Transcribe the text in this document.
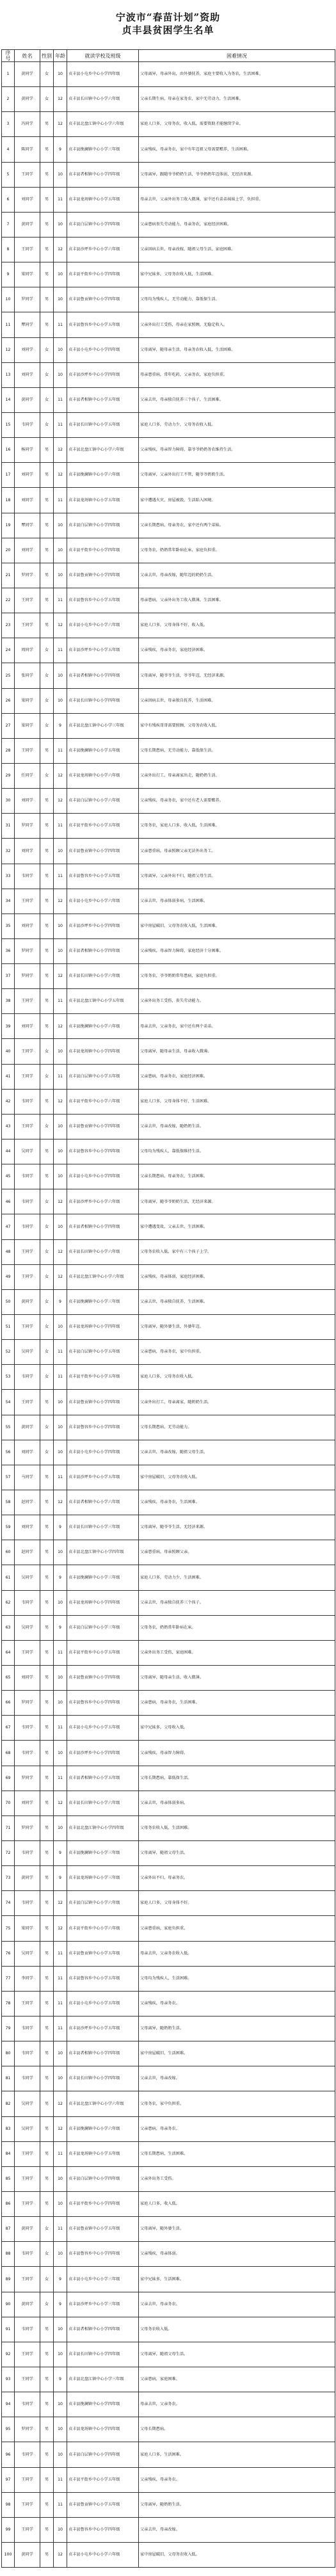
宁波市“春苗计划”资助
贞丰县贫困学生名单
序号	姓名	性别	年龄	就读学校及班级	困难情况
1	黄同学	女	10	贞丰县小屯乡中心小学四年级	父母离异，母亲外出，由外婆抚养，家庭主要收入为务农，生活困难。
2	黄同学	女	12	贞丰县长田镇中心小学六年级	父亲长期生病，母亲在家务农，家中无劳动力，生活困难。
3	冯同学	男	12	贞丰县北盘江镇中心小学六年级	家庭人口多，父母务农，收入低，需要资助才能继续学业。
4	陈同学	男	9	贞丰县挽澜镇中心小学三年级	父亲残疾，母亲务农，家中有年迈祖父母需要赡养，生活困难。
5	王同学	男	10	贞丰县者相镇中心小学四年级	父母离异，跟随爷爷奶奶生活，爷爷奶奶年迈体弱，无经济来源。
6	刘同学	男	11	贞丰县龙场镇中心小学五年级	母亲去世，父亲外出务工收入微薄，家中还有弟弟妹妹上学，负担重。
7	黄同学	男	10	贞丰县白层镇中心小学四年级	父亲患病丧失劳动能力，母亲务农，家庭经济困难。
8	王同学	男	12	贞丰县沙坪乡中心小学六年级	父亲因病去世，母亲改嫁，随祖父母生活，家庭困难。
9	梁同学	男	10	贞丰县平街乡中心小学四年级	家中兄妹多，父母务农收入低，生活困难。
10	罗同学	男	10	贞丰县鲁贡镇中心小学四年级	父母均为残疾人，无劳动能力，靠低保生活。
11	覃同学	男	11	贞丰县鲁容乡中心小学五年级	父亲外出打工受伤，母亲在家照顾，无稳定收入。
12	刘同学	女	10	贞丰县小屯乡中心小学四年级	父母离异，随母亲生活，母亲务农收入低，生活困难。
13	刘同学	女	10	贞丰县沙坪乡中心小学四年级	母亲患重病，常年吃药，父亲务农，家庭负担重。
14	黄同学	女	11	贞丰县者相镇中心小学五年级	父亲去世，母亲独自抚养三个孩子，生活困难。
15	韦同学	女	11	贞丰县长田镇中心小学五年级	家庭人口多，劳动力少，父母务农收入低。
16	杨同学	男	12	贞丰县北盘江镇中心小学六年级	父亲残疾，母亲智力障碍，靠爷爷奶奶务农维持生活。
17	刘同学	男	12	贞丰县挽澜镇中心小学六年级	父母离异，父亲外出打工不管，随爷爷奶奶生活。
18	刘同学	男	11	贞丰县龙场镇中心小学五年级	家中遭遇火灾，房屋被毁，生活陷入困境。
19	覃同学	男	10	贞丰县白层镇中心小学四年级	父亲长期患病，母亲务农，家中还有两个弟妹。
20	刘同学	男	10	贞丰县平街乡中心小学四年级	父母务农，奶奶常年卧病在床，家庭负担重。
21	罗同学	男	10	贞丰县鲁贡镇中心小学四年级	父亲去世，母亲改嫁，随年迈的奶奶生活。
22	王同学	男	11	贞丰县鲁容乡中心小学五年级	母亲患病，父亲外出务工收入微薄，生活困难。
23	王同学	男	12	贞丰县小屯乡中心小学六年级	家庭人口多，父母身体不好，收入低。
24	周同学	女	11	贞丰县沙坪乡中心小学五年级	父亲残疾，母亲务农，家庭经济困难。
25	张同学	女	10	贞丰县者相镇中心小学四年级	父母离异，随爷爷生活，爷爷年迈，无经济来源。
26	梁同学	女	10	贞丰县长田镇中心小学四年级	父亲因病去世，母亲独自抚养，生活困难。
27	梁同学	女	9	贞丰县北盘江镇中心小学三年级	家中有残疾哥哥需要照顾，父母务农收入低。
28	王同学	男	11	贞丰县挽澜镇中心小学五年级	父母长期患病，无劳动能力，靠低保生活。
29	任同学	女	12	贞丰县龙场镇中心小学六年级	父亲外出打工，母亲离家出走，随奶奶生活。
30	刘同学	男	12	贞丰县白层镇中心小学六年级	父亲残疾，母亲务农，家中还有老人需要赡养。
31	罗同学	男	11	贞丰县平街乡中心小学五年级	父母务农，家庭人口多，收入低，生活困难。
32	刘同学	男	10	贞丰县鲁贡镇中心小学四年级	父亲患重病，母亲照顾父亲无法外出务工。
33	韦同学	男	11	贞丰县鲁容乡中心小学五年级	父母离异，父亲外出不归，随祖父母生活。
34	王同学	男	12	贞丰县小屯乡中心小学六年级	父亲去世，母亲体弱多病，生活困难。
35	刘同学	男	10	贞丰县沙坪乡中心小学四年级	家中房屋破旧，父母务农收入低，生活困难。
36	罗同学	男	10	贞丰县者相镇中心小学四年级	父亲残疾，母亲智力障碍，家庭经济十分困难。
37	罗同学	男	12	贞丰县长田镇中心小学六年级	父母务农，爷爷奶奶常年患病，家庭负担重。
38	王同学	男	11	贞丰县北盘江镇中心小学五年级	父亲外出务工受伤，丧失劳动能力。
39	刘同学	男	12	贞丰县挽澜镇中心小学六年级	母亲去世，父亲务农，家中还有两个弟弟。
40	王同学	女	10	贞丰县龙场镇中心小学四年级	父母离异，随母亲生活，母亲收入微薄。
41	王同学	女	11	贞丰县白层镇中心小学五年级	父亲患病，母亲务农，家庭经济困难。
42	韦同学	男	12	贞丰县平街乡中心小学六年级	家庭人口多，父母身体不好，生活困难。
43	王同学	女	10	贞丰县鲁贡镇中心小学四年级	父亲去世，母亲改嫁，随奶奶生活。
44	吴同学	男	10	贞丰县鲁容乡中心小学四年级	父母均为残疾人，靠低保维持生活。
45	韦同学	男	10	贞丰县小屯乡中心小学四年级	父亲长期患病，母亲务农，生活困难。
46	韦同学	女	12	贞丰县沙坪乡中心小学六年级	父母离异，随爷爷奶奶生活，无经济来源。
47	韦同学	女	10	贞丰县者相镇中心小学四年级	家中遭遇变故，父亲去世，生活困难。
48	王同学	女	12	贞丰县长田镇中心小学六年级	父母务农收入低，家中有三个孩子上学。
49	王同学	女	12	贞丰县北盘江镇中心小学六年级	父亲残疾，母亲体弱，家庭经济困难。
50	黄同学	女	9	贞丰县挽澜镇中心小学三年级	父亲去世，母亲独自抚养，生活困难。
51	王同学	女	10	贞丰县龙场镇中心小学四年级	父母离异，随外婆生活，外婆年迈。
52	吴同学	女	11	贞丰县白层镇中心小学五年级	父亲患病，母亲务农，家中负担重。
53	韦同学	女	11	贞丰县平街乡中心小学五年级	家庭人口多，父母务农收入低。
54	王同学	男	10	贞丰县鲁贡镇中心小学四年级	父亲外出打工，母亲离家，随奶奶生活。
55	黄同学	女	10	贞丰县鲁容乡中心小学四年级	父母长期患病，无劳动能力。
56	刘同学	女	10	贞丰县小屯乡中心小学四年级	父亲去世，母亲改嫁，随祖父母生活。
57	马同学	男	11	贞丰县沙坪乡中心小学五年级	家中房屋破旧，父母务农收入低。
58	赵同学	男	12	贞丰县者相镇中心小学六年级	父亲残疾，母亲务农，生活困难。
59	刘同学	男	9	贞丰县长田镇中心小学三年级	父母离异，随爷爷生活，无经济来源。
60	赵同学	男	10	贞丰县北盘江镇中心小学四年级	父亲患重病，母亲照顾父亲。
61	吴同学	男	9	贞丰县挽澜镇中心小学三年级	家庭人口多，劳动力少，生活困难。
62	韦同学	男	10	贞丰县龙场镇中心小学四年级	父亲去世，母亲独自抚养三个孩子。
63	吴同学	男	9	贞丰县白层镇中心小学三年级	父母务农，奶奶常年卧病在床。
64	王同学	男	11	贞丰县平街乡中心小学五年级	父亲外出务工受伤，家庭困难。
65	刘同学	男	10	贞丰县鲁贡镇中心小学四年级	父母离异，随母亲生活，收入微薄。
66	罗同学	男	10	贞丰县鲁容乡中心小学四年级	父亲患病，母亲务农，生活困难。
67	韦同学	男	11	贞丰县小屯乡中心小学五年级	家中兄妹多，父母收入低。
68	韦同学	男	10	贞丰县沙坪乡中心小学四年级	父亲残疾，母亲智力障碍。
69	罗同学	男	11	贞丰县者相镇中心小学五年级	父母长期患病，靠低保生活。
70	刘同学	男	12	贞丰县长田镇中心小学六年级	父亲去世，母亲体弱多病。
71	罗同学	男	10	贞丰县北盘江镇中心小学四年级	父母务农收入低，生活困难。
72	韦同学	男	9	贞丰县挽澜镇中心小学三年级	父母离异，随祖父母生活。
73	黄同学	男	9	贞丰县龙场镇中心小学三年级	父亲外出不归，母亲务农。
74	韦同学	男	12	贞丰县白层镇中心小学六年级	家庭人口多，父母身体不好。
75	梁同学	男	12	贞丰县平街乡中心小学六年级	父亲患重病，家庭负担重。
76	吴同学	男	11	贞丰县鲁贡镇中心小学五年级	母亲去世，父亲务农收入低。
77	李同学	男	11	贞丰县鲁容乡中心小学五年级	父母均为残疾人，生活困难。
78	王同学	男	11	贞丰县小屯乡中心小学五年级	父亲残疾，母亲务农。
79	韦同学	男	11	贞丰县沙坪乡中心小学五年级	父母离异，随奶奶生活。
80	韦同学	男	10	贞丰县者相镇中心小学四年级	家中房屋破旧，生活困难。
81	韦同学	男	10	贞丰县长田镇中心小学四年级	父亲去世，母亲改嫁。
82	吴同学	男	12	贞丰县北盘江镇中心小学六年级	父母务农，家中负担重。
83	吴同学	男	12	贞丰县挽澜镇中心小学六年级	父亲患病，母亲务农。
84	王同学	男	11	贞丰县龙场镇中心小学五年级	父母长期患病，生活困难。
85	王同学	男	10	贞丰县白层镇中心小学四年级	父亲外出务工受伤。
86	王同学	男	10	贞丰县平街乡中心小学四年级	家庭人口多，收入低。
87	黄同学	女	11	贞丰县鲁贡镇中心小学五年级	父母离异，随外婆生活。
88	韦同学	女	10	贞丰县鲁容乡中心小学四年级	父亲残疾，母亲体弱。
89	王同学	女	9	贞丰县小屯乡中心小学三年级	家中兄妹多，生活困难。
90	黄同学	女	9	贞丰县沙坪乡中心小学三年级	父亲去世，母亲务农。
91	韦同学	男	10	贞丰县者相镇中心小学四年级	父母务农收入低。
92	王同学	男	10	贞丰县长田镇中心小学四年级	父母离异，随祖父母生活。
93	王同学	男	9	贞丰县北盘江镇中心小学三年级	父亲患病，家庭困难。
94	韦同学	男	10	贞丰县挽澜镇中心小学四年级	母亲去世，父亲务农。
95	罗同学	男	10	贞丰县龙场镇中心小学四年级	父母长期患病。
96	韦同学	男	10	贞丰县白层镇中心小学四年级	家庭人口多，生活困难。
97	王同学	男	11	贞丰县平街乡中心小学五年级	父亲残疾，母亲务农。
98	王同学	男	11	贞丰县鲁贡镇中心小学五年级	父母离异，随奶奶生活。
99	王同学	男	10	贞丰县鲁容乡中心小学四年级	父亲去世，母亲改嫁。
100	黄同学	男	12	贞丰县小屯乡中心小学六年级	家中房屋破旧，父母务农收入低。
